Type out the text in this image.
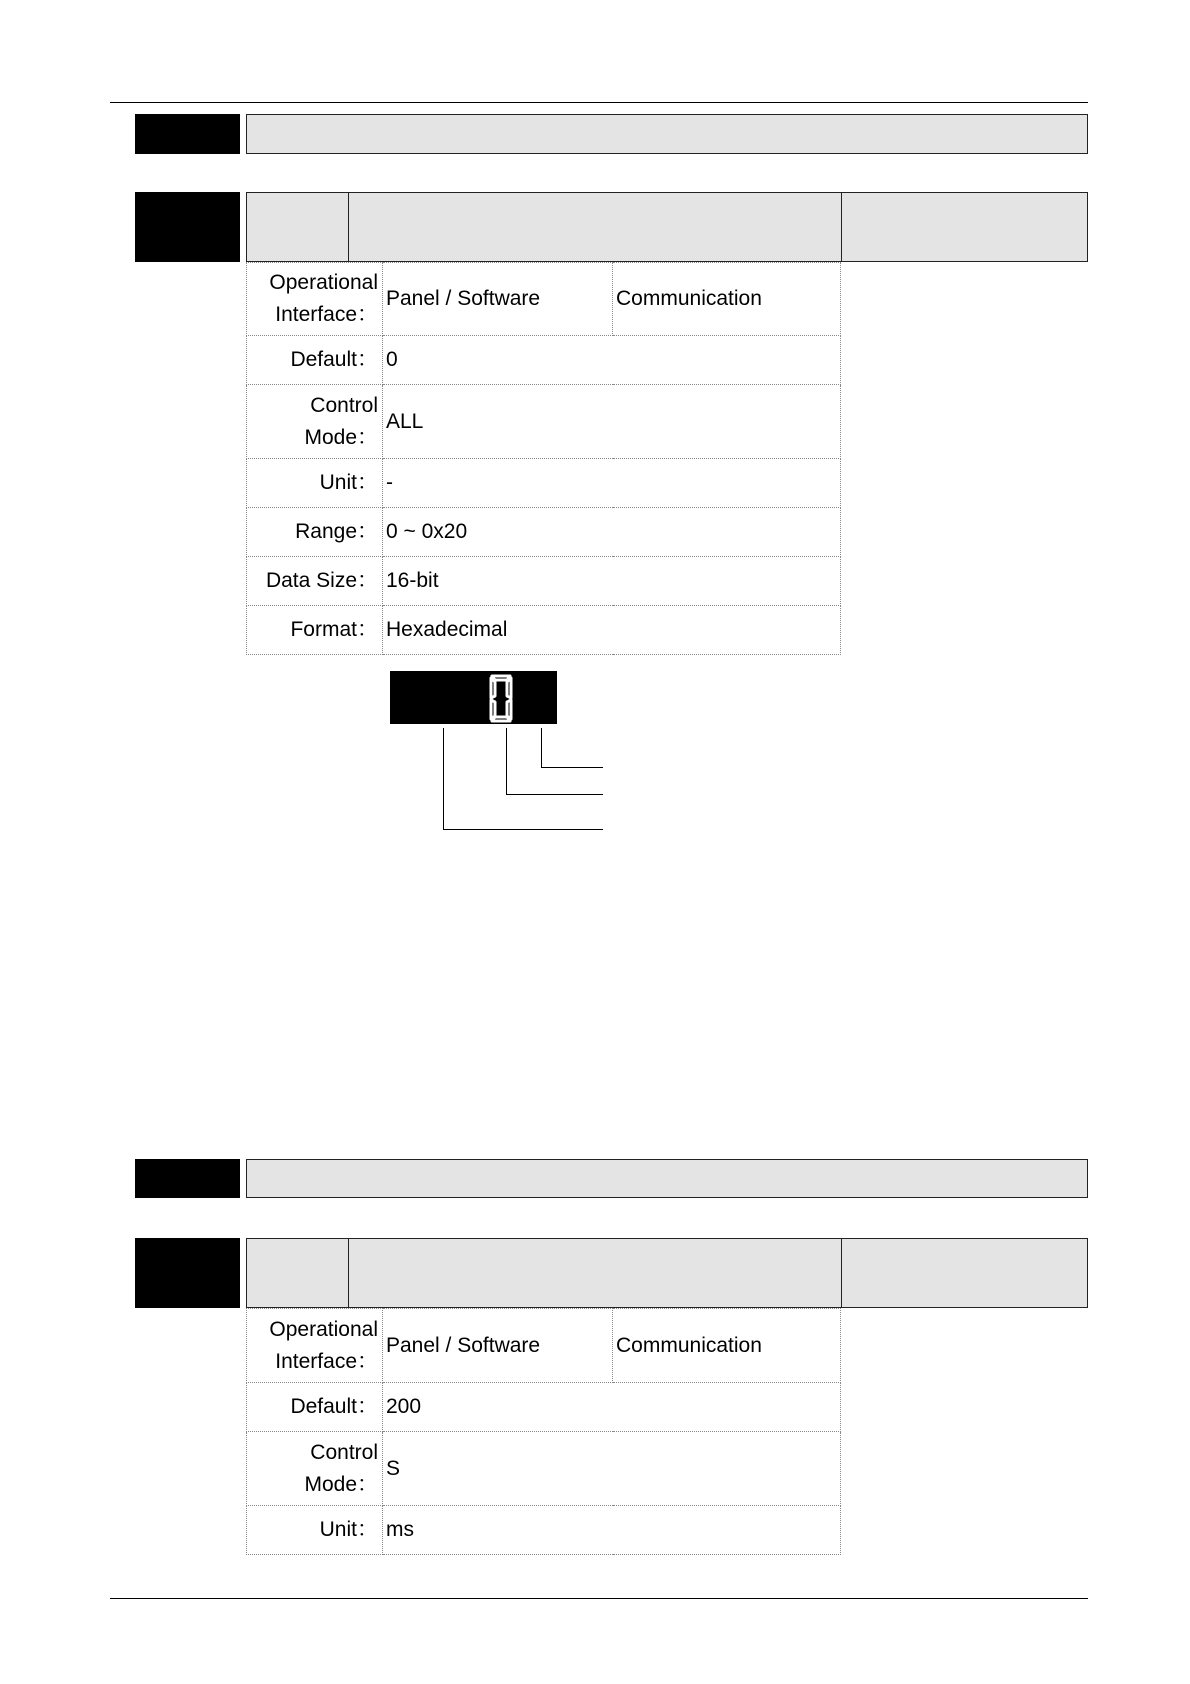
Operational
Interface：	Panel / Software	Communication
Default：	0	

Control
Mode：	ALL	
Unit：	-	
Range：	0 ~ 0x20	
Data Size：	16-bit	
Format：	Hexadecimal	
Operational
Interface：	Panel / Software	Communication
Default：	200	

Control
Mode：	S	
Unit：	ms	
